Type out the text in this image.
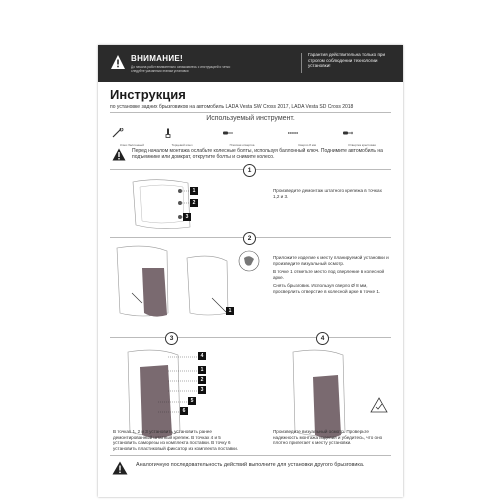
ВНИМАНИЕ!
До начала работ внимательно ознакомьтесь с инструкцией и четко следуйте указанным этапам установки
Гарантия действительна только при строгом соблюдении технологии установки!
Инструкция
по установке задних брызговиков на автомобиль LADA Vesta SW Cross 2017, LADA Vesta SD Cross 2018
Используемый инструмент.
Ключ баллонный	Торцевой ключ	Плоская отвертка	Сверло 8 мм	Отвертка крестовая
Перед началом монтажа ослабьте колесные болты, используя баллонный ключ. Поднимите автомобиль на подъемнике или домкрат, открутите болты и снимите колесо.
1
1
2
3
Произведите демонтаж штатного крепежа в точках 1,2 и 3.
2
1

Приложите изделие к месту планируемой установки и произведите визуальный осмотр.

В точке 1 отметьте место под сверление в колесной арке.

Снять брызговик. Используя сверло Ø 8 мм, просверлить отверстие в колесной арке в точке 1.

3	4
4
1
2
3
5
6
В точках 1, 2 и 3 установить установить ранее демонтированный штатный крепеж. В точках 4 и 5 установить саморезы из комплекта поставки. В точку 6 установить пластиковый фиксатор из комплекта поставки.
Произведите визуальный осмотр. Проверьте надежность монтажа изделия и убедитесь, что оно плотно прилегает к месту установки.
Аналогичную последовательность действий выполните для установки другого брызговика.
